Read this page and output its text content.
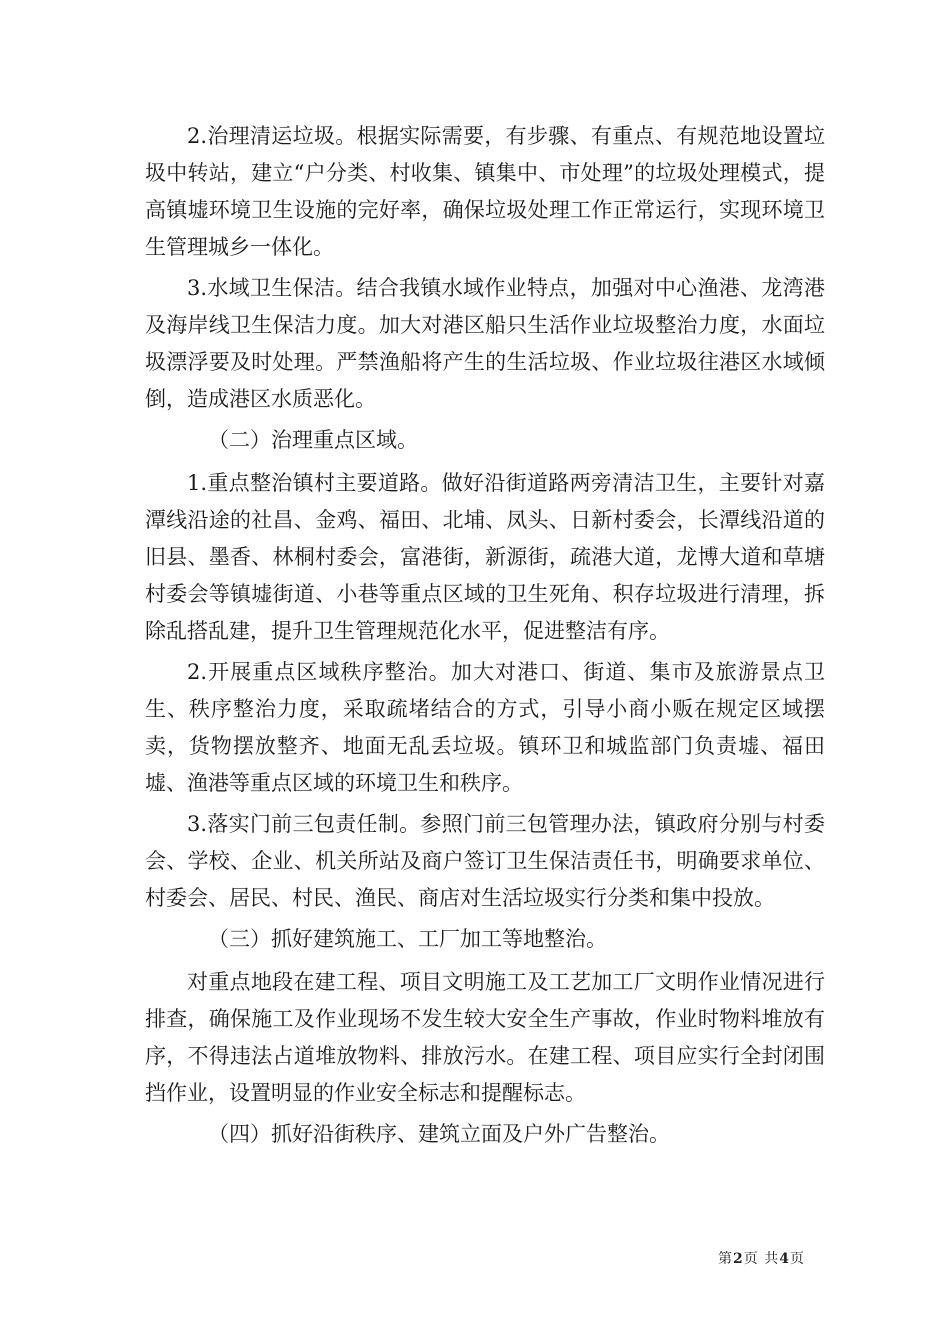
2.治理清运垃圾。根据实际需要，有步骤、有重点、有规范地设置垃圾中转站，建立“户分类、村收集、镇集中、市处理”的垃圾处理模式，提高镇墟环境卫生设施的完好率，确保垃圾处理工作正常运行，实现环境卫生管理城乡一体化。

3.水域卫生保洁。结合我镇水域作业特点，加强对中心渔港、龙湾港及海岸线卫生保洁力度。加大对港区船只生活作业垃圾整治力度，水面垃圾漂浮要及时处理。严禁渔船将产生的生活垃圾、作业垃圾往港区水域倾倒，造成港区水质恶化。

（二）治理重点区域。

1.重点整治镇村主要道路。做好沿街道路两旁清洁卫生，主要针对嘉潭线沿途的社昌、金鸡、福田、北埔、凤头、日新村委会，长潭线沿道的旧县、墨香、林桐村委会，富港街，新源街，疏港大道，龙博大道和草塘村委会等镇墟街道、小巷等重点区域的卫生死角、积存垃圾进行清理，拆除乱搭乱建，提升卫生管理规范化水平，促进整洁有序。

2.开展重点区域秩序整治。加大对港口、街道、集市及旅游景点卫生、秩序整治力度，采取疏堵结合的方式，引导小商小贩在规定区域摆卖，货物摆放整齐、地面无乱丢垃圾。镇环卫和城监部门负责墟、福田墟、渔港等重点区域的环境卫生和秩序。

3.落实门前三包责任制。参照门前三包管理办法，镇政府分别与村委会、学校、企业、机关所站及商户签订卫生保洁责任书，明确要求单位、村委会、居民、村民、渔民、商店对生活垃圾实行分类和集中投放。

（三）抓好建筑施工、工厂加工等地整治。

对重点地段在建工程、项目文明施工及工艺加工厂文明作业情况进行排查，确保施工及作业现场不发生较大安全生产事故，作业时物料堆放有序，不得违法占道堆放物料、排放污水。在建工程、项目应实行全封闭围挡作业，设置明显的作业安全标志和提醒标志。

（四）抓好沿街秩序、建筑立面及户外广告整治。

第2页 共4页
